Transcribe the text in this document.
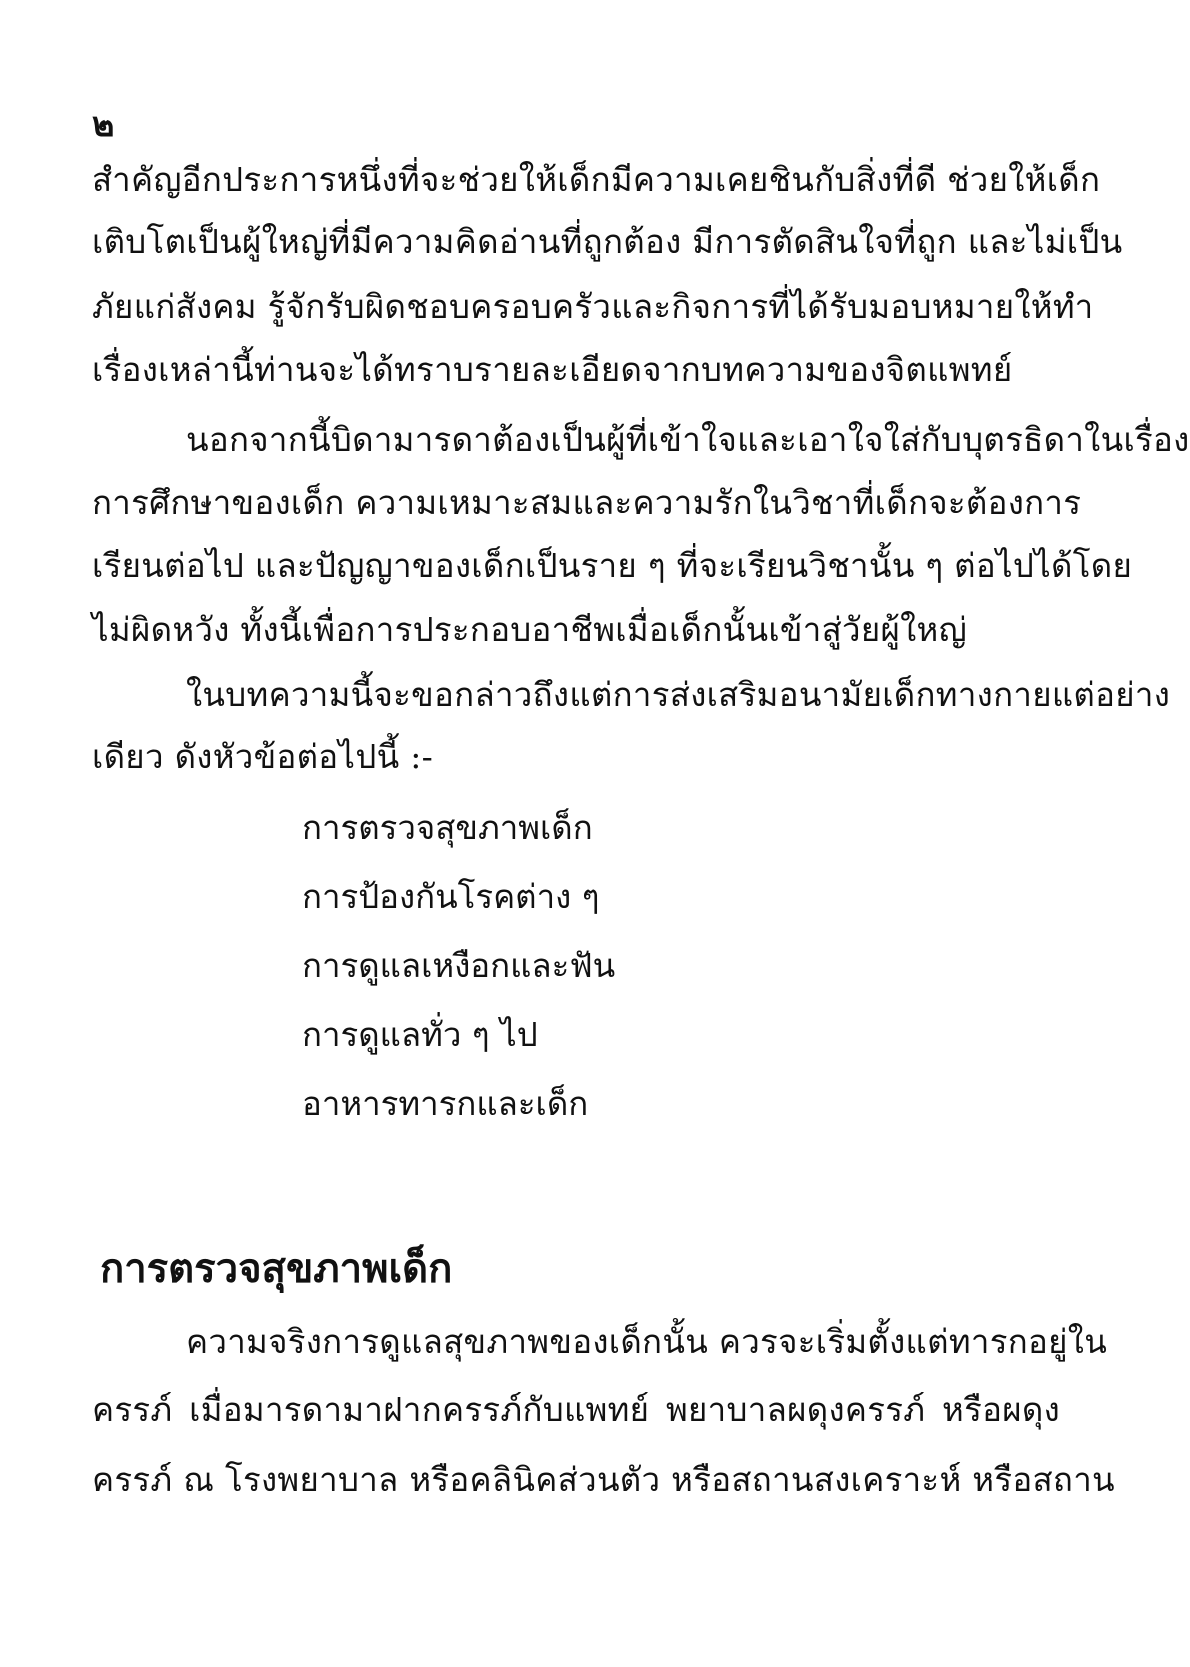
๒
สำคัญอีกประการหนึ่งที่จะช่วยให้เด็กมีความเคยชินกับสิ่งที่ดี ช่วยให้เด็ก
เติบโตเป็นผู้ใหญ่ที่มีความคิดอ่านที่ถูกต้อง มีการตัดสินใจที่ถูก และไม่เป็น
ภัยแก่สังคม รู้จักรับผิดชอบครอบครัวและกิจการที่ได้รับมอบหมายให้ทำ
เรื่องเหล่านี้ท่านจะได้ทราบรายละเอียดจากบทความของจิตแพทย์
นอกจากนี้บิดามารดาต้องเป็นผู้ที่เข้าใจและเอาใจใส่กับบุตรธิดาในเรื่อง
การศึกษาของเด็ก ความเหมาะสมและความรักในวิชาที่เด็กจะต้องการ
เรียนต่อไป และปัญญาของเด็กเป็นราย ๆ ที่จะเรียนวิชานั้น ๆ ต่อไปได้โดย
ไม่ผิดหวัง ทั้งนี้เพื่อการประกอบอาชีพเมื่อเด็กนั้นเข้าสู่วัยผู้ใหญ่
ในบทความนี้จะขอกล่าวถึงแต่การส่งเสริมอนามัยเด็กทางกายแต่อย่าง
เดียว ดังหัวข้อต่อไปนี้ :-
การตรวจสุขภาพเด็ก
การป้องกันโรคต่าง ๆ
การดูแลเหงือกและฟัน
การดูแลทั่ว ๆ ไป
อาหารทารกและเด็ก
การตรวจสุขภาพเด็ก
ความจริงการดูแลสุขภาพของเด็กนั้น ควรจะเริ่มตั้งแต่ทารกอยู่ใน
ครรภ์ เมื่อมารดามาฝากครรภ์กับแพทย์ พยาบาลผดุงครรภ์ หรือผดุง
ครรภ์ ณ โรงพยาบาล หรือคลินิคส่วนตัว หรือสถานสงเคราะห์ หรือสถาน
